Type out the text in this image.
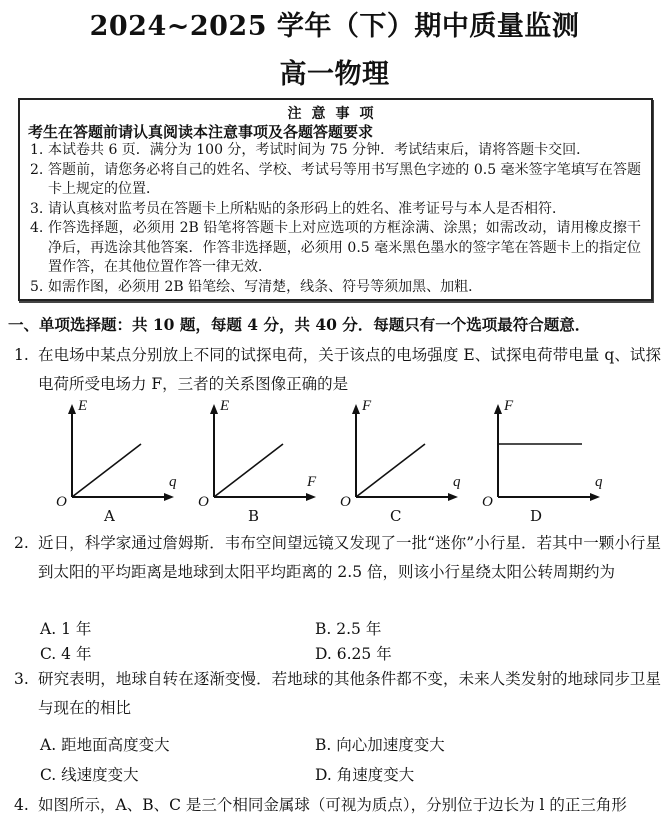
2024~2025 学年（下）期中质量监测
高一物理
注意事项
考生在答题前请认真阅读本注意事项及各题答题要求
1. 本试卷共 6 页．满分为 100 分，考试时间为 75 分钟．考试结束后，请将答题卡交回．
2. 答题前，请您务必将自己的姓名、学校、考试号等用书写黑色字迹的 0.5 毫米签字笔填写在答题卡上规定的位置．
3. 请认真核对监考员在答题卡上所粘贴的条形码上的姓名、准考证号与本人是否相符．
4. 作答选择题，必须用 2B 铅笔将答题卡上对应选项的方框涂满、涂黑；如需改动，请用橡皮擦干净后，再选涂其他答案．作答非选择题，必须用 0.5 毫米黑色墨水的签字笔在答题卡上的指定位置作答，在其他位置作答一律无效．
5. 如需作图，必须用 2B 铅笔绘、写清楚，线条、符号等须加黑、加粗．
一、单项选择题：共 10 题，每题 4 分，共 40 分．每题只有一个选项最符合题意．
1. 在电场中某点分别放上不同的试探电荷，关于该点的电场强度 E、试探电荷带电量 q、试探电荷所受电场力 F，三者的关系图像正确的是
E
q
O
A
E
F
O
B
F
q
O
C
F
q
O
D
2. 近日，科学家通过詹姆斯．韦布空间望远镜又发现了一批“迷你”小行星．若其中一颗小行星到太阳的平均距离是地球到太阳平均距离的 2.5 倍，则该小行星绕太阳公转周期约为
A. 1 年	B. 2.5 年
C. 4 年	D. 6.25 年
3. 研究表明，地球自转在逐渐变慢．若地球的其他条件都不变，未来人类发射的地球同步卫星与现在的相比
A. 距地面高度变大	B. 向心加速度变大
C. 线速度变大	D. 角速度变大
4. 如图所示，A、B、C 是三个相同金属球（可视为质点），分别位于边长为 l 的正三角形
